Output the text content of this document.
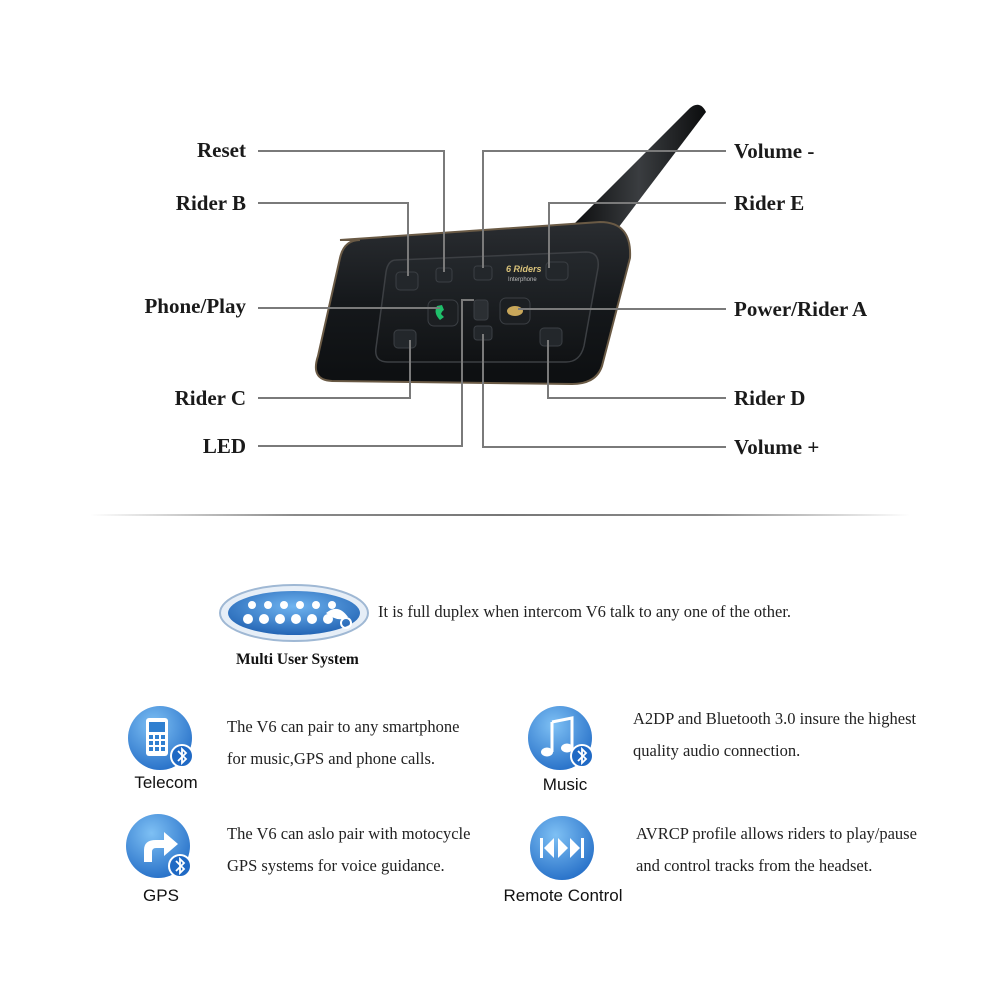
6 Riders
Interphone
Reset
Rider B
Phone/Play
Rider C
LED
Volume -
Rider E
Power/Rider A
Rider D
Volume +
It is full duplex when intercom V6 talk to any one of the other.
Multi User System
Telecom
The V6 can pair to any smartphone
for music,GPS and phone calls.
Music
A2DP and Bluetooth 3.0 insure the highest
quality audio connection.
GPS
The V6 can aslo pair with motocycle
GPS systems for voice guidance.
Remote Control
AVRCP profile allows riders to play/pause
and control tracks from the headset.
